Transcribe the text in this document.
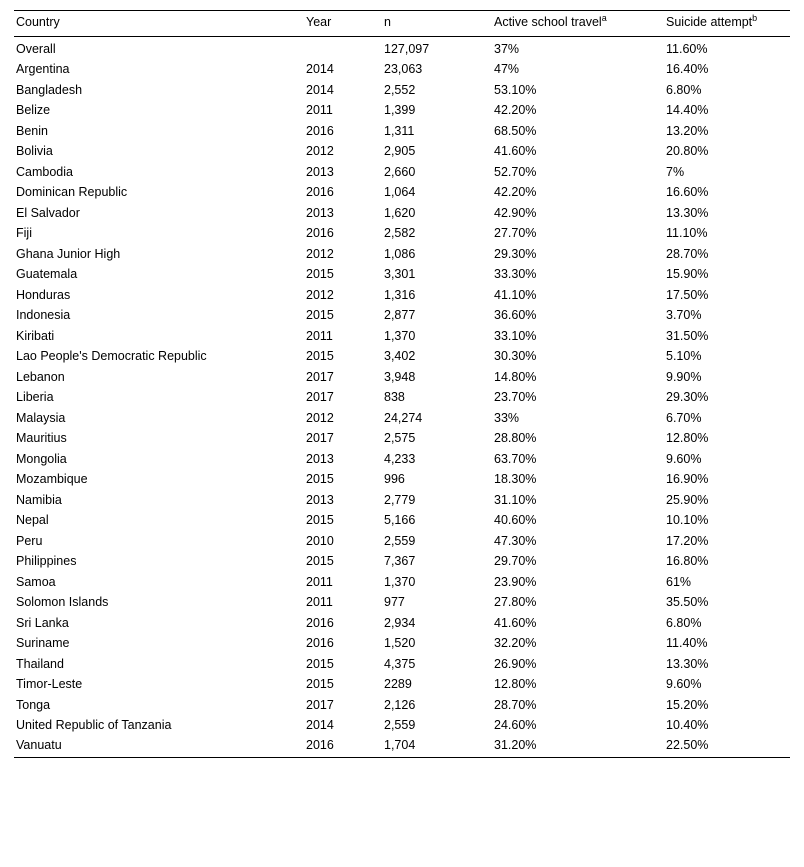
Country	Year	n	Active school travel$^a$	Suicide attempt$^b$
Overall		127,097	37%	11.60%
Argentina	2014	23,063	47%	16.40%
Bangladesh	2014	2,552	53.10%	6.80%
Belize	2011	1,399	42.20%	14.40%
Benin	2016	1,311	68.50%	13.20%
Bolivia	2012	2,905	41.60%	20.80%
Cambodia	2013	2,660	52.70%	7%
Dominican Republic	2016	1,064	42.20%	16.60%
El Salvador	2013	1,620	42.90%	13.30%
Fiji	2016	2,582	27.70%	11.10%
Ghana Junior High	2012	1,086	29.30%	28.70%
Guatemala	2015	3,301	33.30%	15.90%
Honduras	2012	1,316	41.10%	17.50%
Indonesia	2015	2,877	36.60%	3.70%
Kiribati	2011	1,370	33.10%	31.50%
Lao People's Democratic Republic	2015	3,402	30.30%	5.10%
Lebanon	2017	3,948	14.80%	9.90%
Liberia	2017	838	23.70%	29.30%
Malaysia	2012	24,274	33%	6.70%
Mauritius	2017	2,575	28.80%	12.80%
Mongolia	2013	4,233	63.70%	9.60%
Mozambique	2015	996	18.30%	16.90%
Namibia	2013	2,779	31.10%	25.90%
Nepal	2015	5,166	40.60%	10.10%
Peru	2010	2,559	47.30%	17.20%
Philippines	2015	7,367	29.70%	16.80%
Samoa	2011	1,370	23.90%	61%
Solomon Islands	2011	977	27.80%	35.50%
Sri Lanka	2016	2,934	41.60%	6.80%
Suriname	2016	1,520	32.20%	11.40%
Thailand	2015	4,375	26.90%	13.30%
Timor-Leste	2015	2289	12.80%	9.60%
Tonga	2017	2,126	28.70%	15.20%
United Republic of Tanzania	2014	2,559	24.60%	10.40%
Vanuatu	2016	1,704	31.20%	22.50%
